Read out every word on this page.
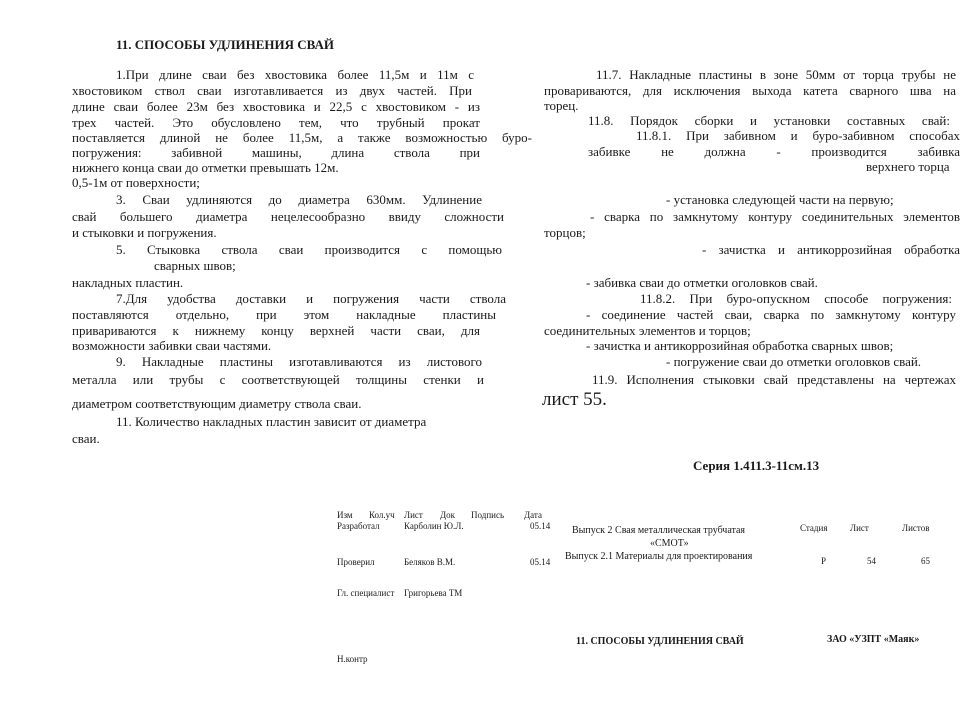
11. СПОСОБЫ УДЛИНЕНИЯ СВАЙ
1.При длине сваи без хвостовика более 11,5м и 11м с
хвостовиком ствол сваи изготавливается из двух частей. При
длине сваи более 23м без хвостовика и 22,5 с хвостовиком - из
трех частей. Это обусловлено тем, что трубный прокат
поставляется длиной не более 11,5м, а также возможностью буро-
погружения: забивной машины, длина ствола при
нижнего конца сваи до отметки превышать 12м.
0,5-1м от поверхности;
3. Сваи удлиняются до диаметра 630мм. Удлинение
свай большего диаметра нецелесообразно ввиду сложности
и стыковки и погружения.
5. Стыковка ствола сваи производится с помощью
сварных швов;
накладных пластин.
7.Для удобства доставки и погружения части ствола
поставляются отдельно, при этом накладные пластины
привариваются к нижнему концу верхней части сваи, для
возможности забивки сваи частями.
9. Накладные пластины изготавливаются из листового
металла или трубы с соответствующей толщины стенки и
диаметром соответствующим диаметру ствола сваи.
11. Количество накладных пластин зависит от диаметра
сваи.
11.7. Накладные пластины в зоне 50мм от торца трубы не
провариваются, для исключения выхода катета сварного шва на
торец.
11.8. Порядок сборки и установки составных свай:
11.8.1. При забивном и буро-забивном способах
забивке не должна - производится забивка
верхнего торца
- установка следующей части на первую;
- сварка по замкнутому контуру соединительных элементов
торцов;
- зачистка и антикоррозийная обработка
- забивка сваи до отметки оголовков свай.
11.8.2. При буро-опускном способе погружения:
- соединение частей сваи, сварка по замкнутому контуру
соединительных элементов и торцов;
- зачистка и антикоррозийная обработка сварных швов;
- погружение сваи до отметки оголовков свай.
11.9. Исполнения стыковки свай представлены на чертежах
лист 55.
Серия 1.411.3-11см.13
Изм Кол.уч Лист Док Подпись Дата
Разработал	Карболин Ю.Л.	05.14
Проверил	Беляков В.М.	05.14
Гл. специалист Григорьева ТМ
Н.контр
Выпуск 2 Свая металлическая трубчатая
«СМОТ»
Выпуск 2.1 Материалы для проектирования
Стадия	Лист	Листов
Р	54	65
11. СПОСОБЫ УДЛИНЕНИЯ СВАЙ	ЗАО «УЗПТ «Маяк»
